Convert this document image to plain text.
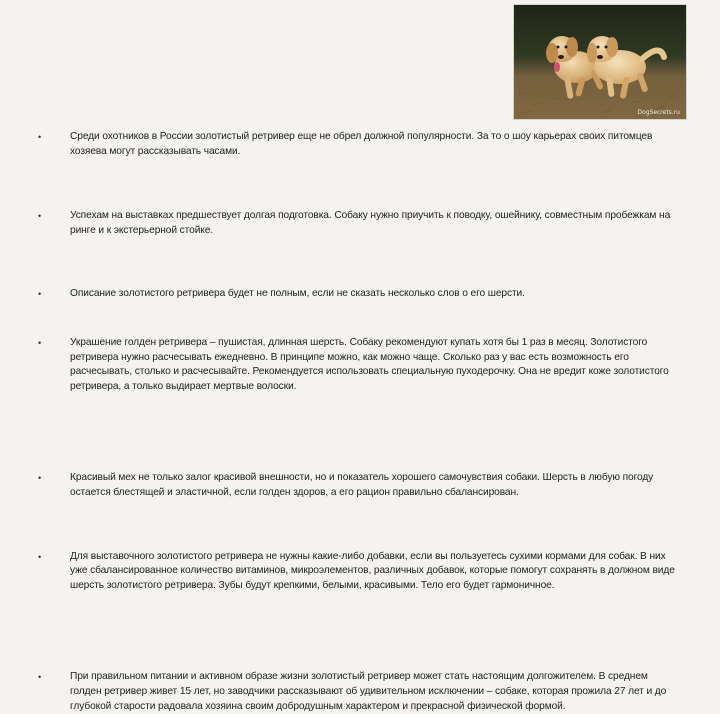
DogSecrets.ru
•	Среди охотников в России золотистый ретривер еще не обрел должной популярности. За то о шоу карьерах своих питомцев хозяева могут рассказывать часами.
•	Успехам на выставках предшествует долгая подготовка. Собаку нужно приучить к поводку, ошейнику, совместным пробежкам на ринге и к экстерьерной стойке.
•	Описание золотистого ретривера будет не полным, если не сказать несколько слов о его шерсти.
•	Украшение голден ретривера – пушистая, длинная шерсть. Собаку рекомендуют купать хотя бы 1 раз в месяц. Золотистого ретривера нужно расчесывать ежедневно. В принципе можно, как можно чаще. Сколько раз у вас есть возможность его расчесывать, столько и расчесывайте. Рекомендуется использовать специальную пуходерочку. Она не вредит коже золотистого ретривера, а только выдирает мертвые волоски.
•	Красивый мех не только залог красивой внешности, но и показатель хорошего самочувствия собаки. Шерсть в любую погоду остается блестящей и эластичной, если голден здоров, а его рацион правильно сбалансирован.
•	Для выставочного золотистого ретривера не нужны какие-либо добавки, если вы пользуетесь сухими кормами для собак. В них уже сбалансированное количество витаминов, микроэлементов, различных добавок, которые помогут сохранять в должном виде шерсть золотистого ретривера. Зубы будут крепкими, белыми, красивыми. Тело его будет гармоничное.
•	При правильном питании и активном образе жизни золотистый ретривер может стать настоящим долгожителем. В среднем голден ретривер живет 15 лет, но заводчики рассказывают об удивительном исключении – собаке, которая прожила 27 лет и до глубокой старости радовала хозяина своим добродушным характером и прекрасной физической формой.
